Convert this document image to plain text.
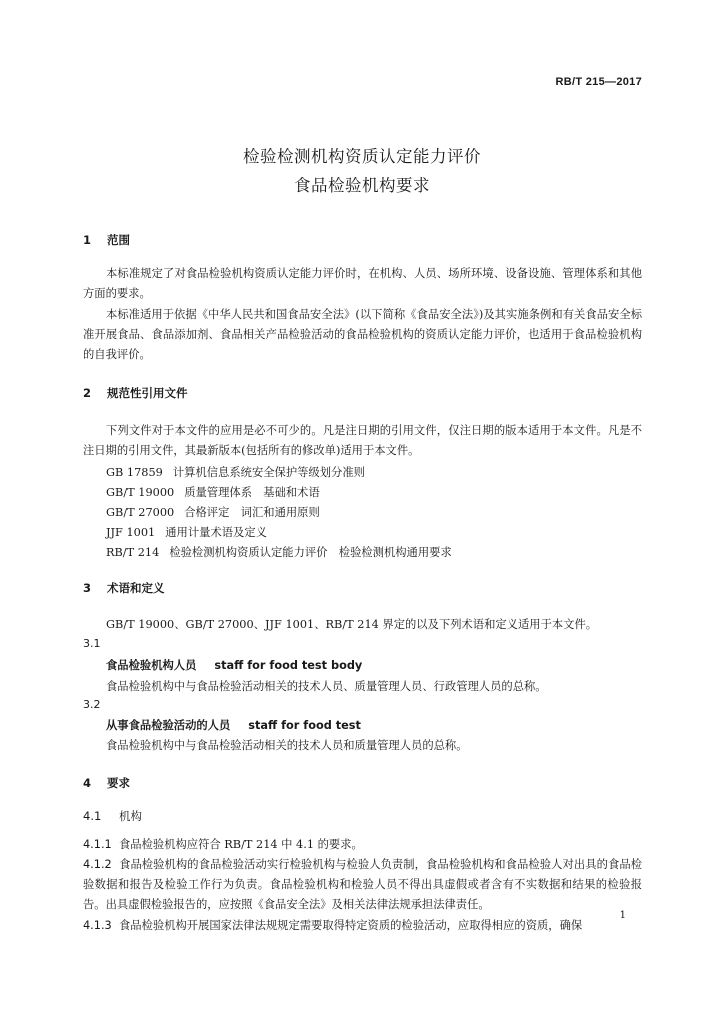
RB/T 215—2017
检验检测机构资质认定能力评价
食品检验机构要求
1 范围

本标准规定了对食品检验机构资质认定能力评价时，在机构、人员、场所环境、设备设施、管理体系和其他方面的要求。

本标准适用于依据《中华人民共和国食品安全法》(以下简称《食品安全法》)及其实施条例和有关食品安全标准开展食品、食品添加剂、食品相关产品检验活动的食品检验机构的资质认定能力评价，也适用于食品检验机构的自我评价。

2 规范性引用文件

下列文件对于本文件的应用是必不可少的。凡是注日期的引用文件，仅注日期的版本适用于本文件。凡是不注日期的引用文件，其最新版本(包括所有的修改单)适用于本文件。

GB 17859 计算机信息系统安全保护等级划分准则
GB/T 19000 质量管理体系　基础和术语
GB/T 27000 合格评定　词汇和通用原则
JJF 1001 通用计量术语及定义
RB/T 214 检验检测机构资质认定能力评价　检验检测机构通用要求
3 术语和定义
GB/T 19000、GB/T 27000、JJF 1001、RB/T 214 界定的以及下列术语和定义适用于本文件。
3.1
食品检验机构人员 staff for food test body
食品检验机构中与食品检验活动相关的技术人员、质量管理人员、行政管理人员的总称。
3.2
从事食品检验活动的人员 staff for food test
食品检验机构中与食品检验活动相关的技术人员和质量管理人员的总称。
4 要求
4.1 机构

4.1.1 食品检验机构应符合 RB/T 214 中 4.1 的要求。

4.1.2 食品检验机构的食品检验活动实行检验机构与检验人负责制，食品检验机构和食品检验人对出具的食品检验数据和报告及检验工作行为负责。食品检验机构和检验人员不得出具虚假或者含有不实数据和结果的检验报告。出具虚假检验报告的，应按照《食品安全法》及相关法律法规承担法律责任。

4.1.3 食品检验机构开展国家法律法规规定需要取得特定资质的检验活动，应取得相应的资质，确保

1
